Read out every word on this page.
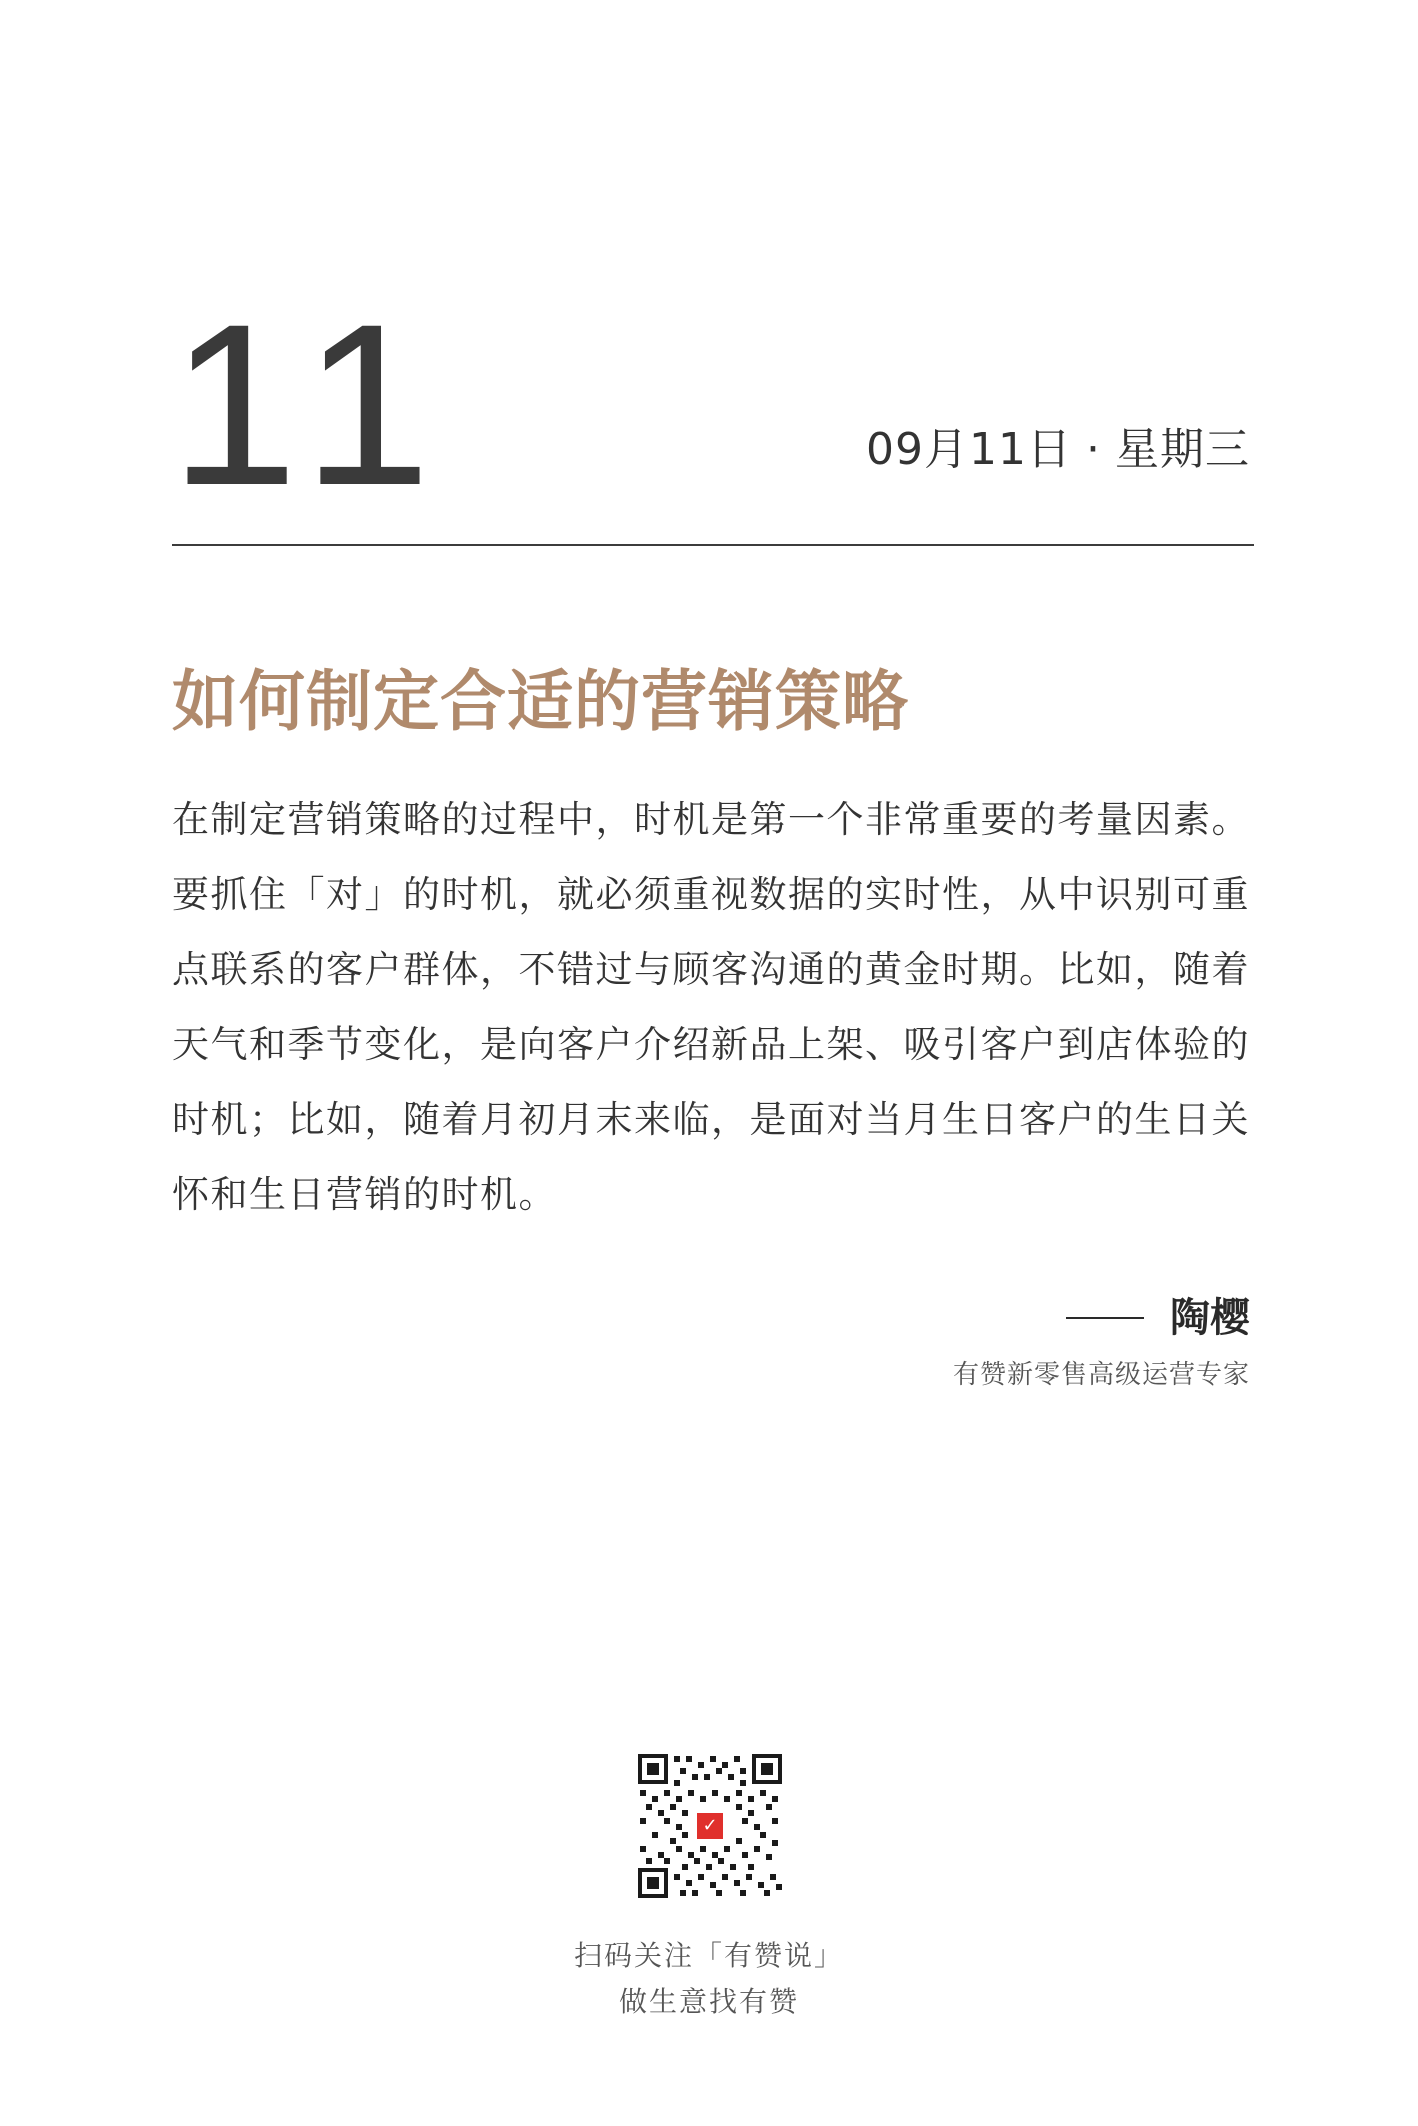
11	09月11日 · 星期三
如何制定合适的营销策略
在制定营销策略的过程中，时机是第一个非常重要的考量因素。要抓住「对」的时机，就必须重视数据的实时性，从中识别可重点联系的客户群体，不错过与顾客沟通的黄金时期。比如，随着天气和季节变化，是向客户介绍新品上架、吸引客户到店体验的时机；比如，随着月初月末来临，是面对当月生日客户的生日关怀和生日营销的时机。
陶樱
有赞新零售高级运营专家
✓
扫码关注「有赞说」
做生意找有赞
